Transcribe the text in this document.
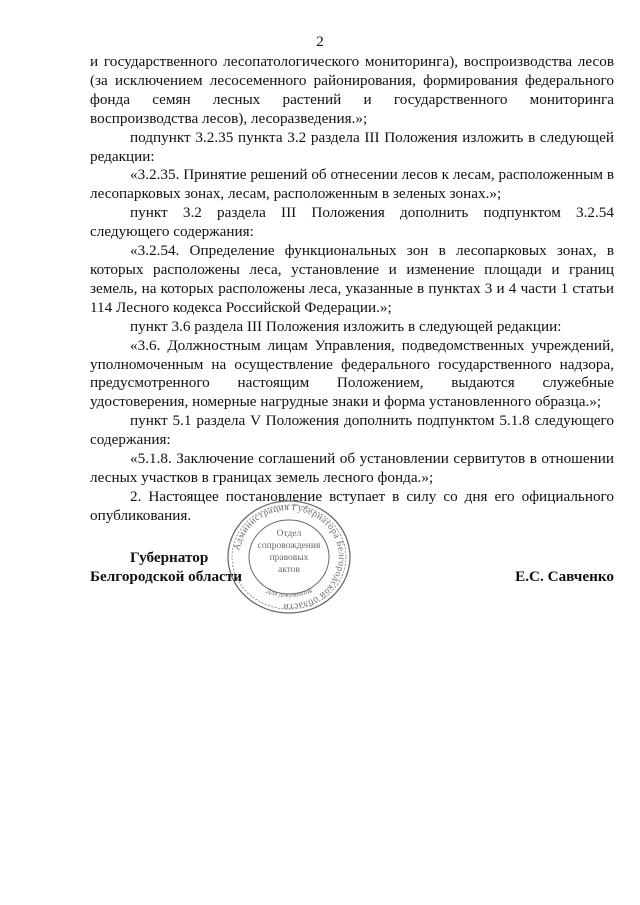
2

и государственного лесопатологического мониторинга), воспроизводства лесов (за исключением лесосеменного районирования, формирования федерального фонда семян лесных растений и государственного мониторинга воспроизводства лесов), лесоразведения.»;

подпункт 3.2.35 пункта 3.2 раздела III Положения изложить в следующей редакции:

«3.2.35. Принятие решений об отнесении лесов к лесам, расположенным в лесопарковых зонах, лесам, расположенным в зеленых зонах.»;

пункт 3.2 раздела III Положения дополнить подпунктом 3.2.54 следующего содержания:

«3.2.54. Определение функциональных зон в лесопарковых зонах, в которых расположены леса, установление и изменение площади и границ земель, на которых расположены леса, указанные в пунктах 3 и 4 части 1 статьи 114 Лесного кодекса Российской Федерации.»;

пункт 3.6 раздела III Положения изложить в следующей редакции:

«3.6. Должностным лицам Управления, подведомственных учреждений, уполномоченным на осуществление федерального государственного надзора, предусмотренного настоящим Положением, выдаются служебные удостоверения, номерные нагрудные знаки и форма установленного образца.»;

пункт 5.1 раздела V Положения дополнить подпунктом 5.1.8 следующего содержания:

«5.1.8. Заключение соглашений об установлении сервитутов в отношении лесных участков в границах земель лесного фонда.»;

2. Настоящее постановление вступает в силу со дня его официального опубликования.

Губернатор
Белгородской области	Е.С. Савченко
Администрация Губернатора Белгородской области
Отдел
сопровождения
правовых
актов
Для документов
